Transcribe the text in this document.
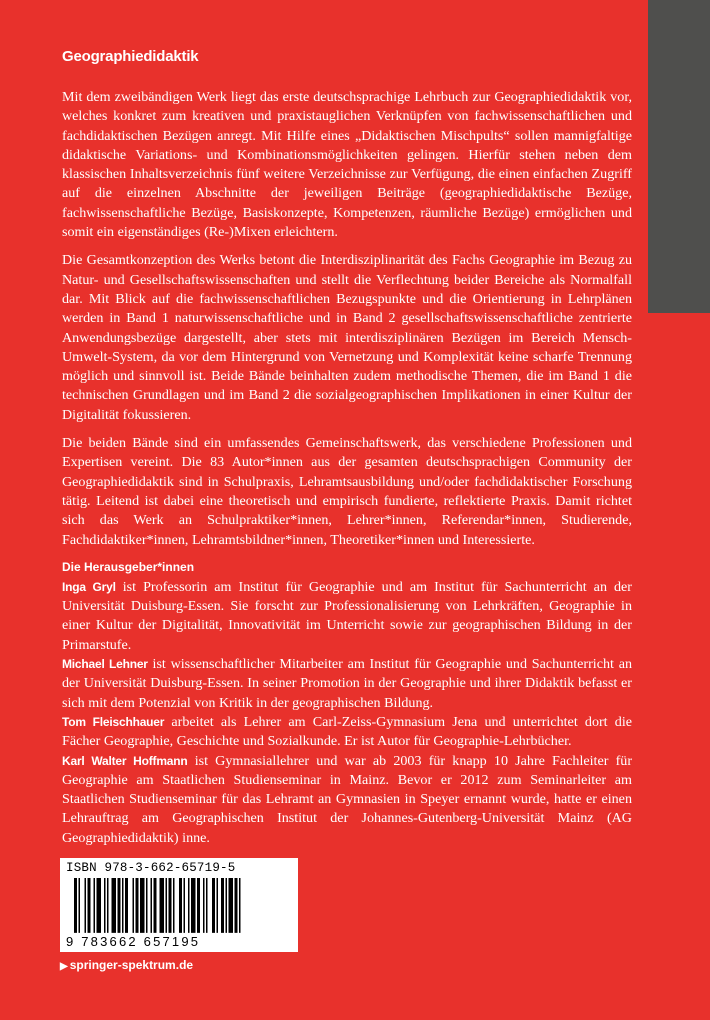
Geographiedidaktik

Mit dem zweibändigen Werk liegt das erste deutschsprachige Lehrbuch zur Geographiedidaktik vor, welches konkret zum kreativen und praxistauglichen Verknüpfen von fachwissenschaftlichen und fachdidaktischen Bezügen anregt. Mit Hilfe eines „Didaktischen Mischpults“ sollen mannigfaltige didaktische Variations- und Kombinationsmöglichkeiten gelingen. Hierfür stehen neben dem klassischen Inhaltsverzeichnis fünf weitere Verzeichnisse zur Verfügung, die einen einfachen Zugriff auf die einzelnen Abschnitte der jeweiligen Beiträge (geographiedidaktische Bezüge, fachwissenschaftliche Bezüge, Basiskonzepte, Kompetenzen, räumliche Bezüge) ermöglichen und somit ein eigenständiges (Re-)Mixen erleichtern.

Die Gesamtkonzeption des Werks betont die Interdisziplinarität des Fachs Geographie im Bezug zu Natur- und Gesellschaftswissenschaften und stellt die Verflechtung beider Bereiche als Normalfall dar. Mit Blick auf die fachwissenschaftlichen Bezugspunkte und die Orientierung in Lehrplänen werden in Band 1 naturwissenschaftliche und in Band 2 gesellschaftswissenschaftliche zentrierte Anwendungsbezüge dargestellt, aber stets mit interdisziplinären Bezügen im Bereich Mensch-Umwelt-System, da vor dem Hintergrund von Vernetzung und Komplexität keine scharfe Trennung möglich und sinnvoll ist. Beide Bände beinhalten zudem methodische Themen, die im Band 1 die technischen Grundlagen und im Band 2 die sozialgeographischen Implikationen in einer Kultur der Digitalität fokussieren.

Die beiden Bände sind ein umfassendes Gemeinschaftswerk, das verschiedene Professionen und Expertisen vereint. Die 83 Autor*innen aus der gesamten deutschsprachigen Community der Geographiedidaktik sind in Schulpraxis, Lehramtsausbildung und/oder fachdidaktischer Forschung tätig. Leitend ist dabei eine theoretisch und empirisch fundierte, reflektierte Praxis. Damit richtet sich das Werk an Schulpraktiker*innen, Lehrer*innen, Referendar*innen, Studierende, Fachdidaktiker*innen, Lehramtsbildner*innen, Theoretiker*innen und Interessierte.

Die Herausgeber*innen

Inga Gryl ist Professorin am Institut für Geographie und am Institut für Sachunterricht an der Universität Duisburg-Essen. Sie forscht zur Professionalisierung von Lehrkräften, Geographie in einer Kultur der Digitalität, Innovativität im Unterricht sowie zur geographischen Bildung in der Primarstufe.

Michael Lehner ist wissenschaftlicher Mitarbeiter am Institut für Geographie und Sachunterricht an der Universität Duisburg-Essen. In seiner Promotion in der Geographie und ihrer Didaktik befasst er sich mit dem Potenzial von Kritik in der geographischen Bildung.

Tom Fleischhauer arbeitet als Lehrer am Carl-Zeiss-Gymnasium Jena und unterrichtet dort die Fächer Geographie, Geschichte und Sozialkunde. Er ist Autor für Geographie-Lehrbücher.

Karl Walter Hoffmann ist Gymnasiallehrer und war ab 2003 für knapp 10 Jahre Fachleiter für Geographie am Staatlichen Studienseminar in Mainz. Bevor er 2012 zum Seminarleiter am Staatlichen Studienseminar für das Lehramt an Gymnasien in Speyer ernannt wurde, hatte er einen Lehrauftrag am Geographischen Institut der Johannes-Gutenberg-Universität Mainz (AG Geographiedidaktik) inne.

ISBN 978-3-662-65719-5
9 783662 657195
▶ springer-spektrum.de
